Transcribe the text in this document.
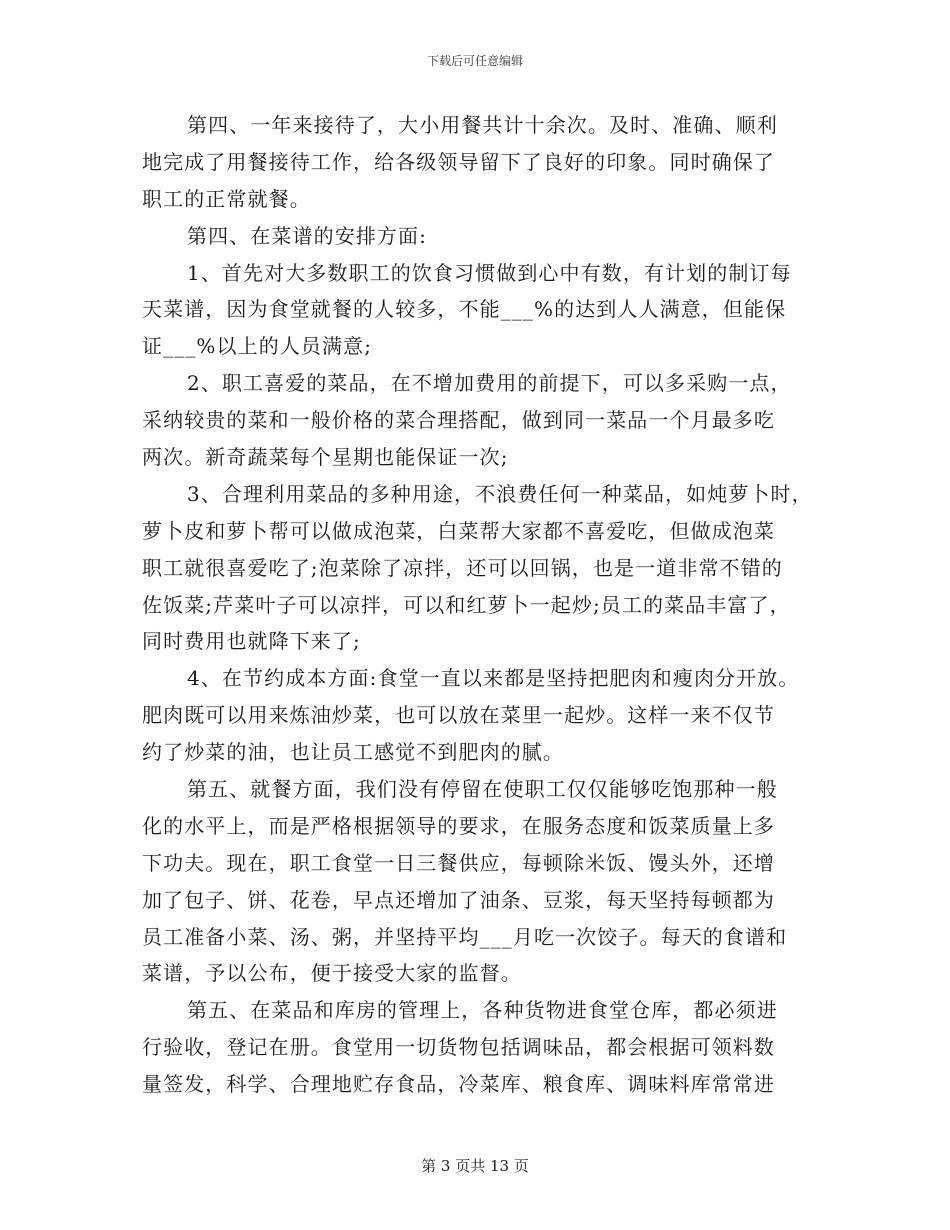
下载后可任意编辑
第四、一年来接待了，大小用餐共计十余次。及时、准确、顺利
地完成了用餐接待工作，给各级领导留下了良好的印象。同时确保了
职工的正常就餐。
第四、在菜谱的安排方面:
1、首先对大多数职工的饮食习惯做到心中有数，有计划的制订每
天菜谱，因为食堂就餐的人较多，不能___%的达到人人满意，但能保
证___%以上的人员满意;
2、职工喜爱的菜品，在不增加费用的前提下，可以多采购一点，
采纳较贵的菜和一般价格的菜合理搭配，做到同一菜品一个月最多吃
两次。新奇蔬菜每个星期也能保证一次;
3、合理利用菜品的多种用途，不浪费任何一种菜品，如炖萝卜时，
萝卜皮和萝卜帮可以做成泡菜，白菜帮大家都不喜爱吃，但做成泡菜
职工就很喜爱吃了;泡菜除了凉拌，还可以回锅，也是一道非常不错的
佐饭菜;芹菜叶子可以凉拌，可以和红萝卜一起炒;员工的菜品丰富了，
同时费用也就降下来了;
4、在节约成本方面:食堂一直以来都是坚持把肥肉和瘦肉分开放。
肥肉既可以用来炼油炒菜，也可以放在菜里一起炒。这样一来不仅节
约了炒菜的油，也让员工感觉不到肥肉的腻。
第五、就餐方面，我们没有停留在使职工仅仅能够吃饱那种一般
化的水平上，而是严格根据领导的要求，在服务态度和饭菜质量上多
下功夫。现在，职工食堂一日三餐供应，每顿除米饭、馒头外，还增
加了包子、饼、花卷，早点还增加了油条、豆浆，每天坚持每顿都为
员工准备小菜、汤、粥，并坚持平均___月吃一次饺子。每天的食谱和
菜谱，予以公布，便于接受大家的监督。
第五、在菜品和库房的管理上，各种货物进食堂仓库，都必须进
行验收，登记在册。食堂用一切货物包括调味品，都会根据可领料数
量签发，科学、合理地贮存食品，冷菜库、粮食库、调味料库常常进
第 3 页共 13 页
